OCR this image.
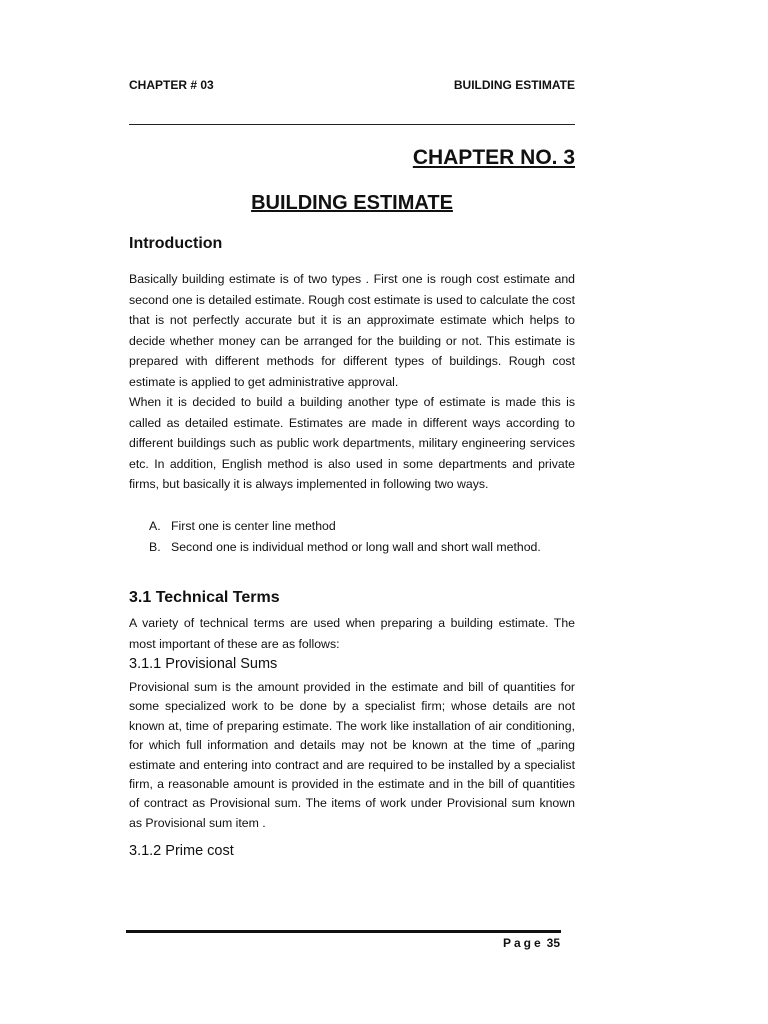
CHAPTER # 03	BUILDING ESTIMATE
CHAPTER NO. 3
BUILDING ESTIMATE
Introduction

Basically building estimate is of two types . First one is rough cost estimate and second one is detailed estimate. Rough cost estimate is used to calculate the cost that is not perfectly accurate but it is an approximate estimate which helps to decide whether money can be arranged for the building or not. This estimate is prepared with different methods for different types of buildings. Rough cost estimate is applied to get administrative approval.

When it is decided to build a building another type of estimate is made this is called as detailed estimate. Estimates are made in different ways according to different buildings such as public work departments, military engineering services etc. In addition, English method is also used in some departments and private firms, but basically it is always implemented in following two ways.

A. First one is center line method
B. Second one is individual method or long wall and short wall method.
3.1 Technical Terms

A variety of technical terms are used when preparing a building estimate. The most important of these are as follows:

3.1.1 Provisional Sums

Provisional sum is the amount provided in the estimate and bill of quantities for some specialized work to be done by a specialist firm; whose details are not known at, time of preparing estimate. The work like installation of air conditioning, for which full information and details may not be known at the time of „paring estimate and entering into contract and are required to be installed by a specialist firm, a reasonable amount is provided in the estimate and in the bill of quantities of contract as Provisional sum. The items of work under Provisional sum known as Provisional sum item .

3.1.2 Prime cost
Page 35
